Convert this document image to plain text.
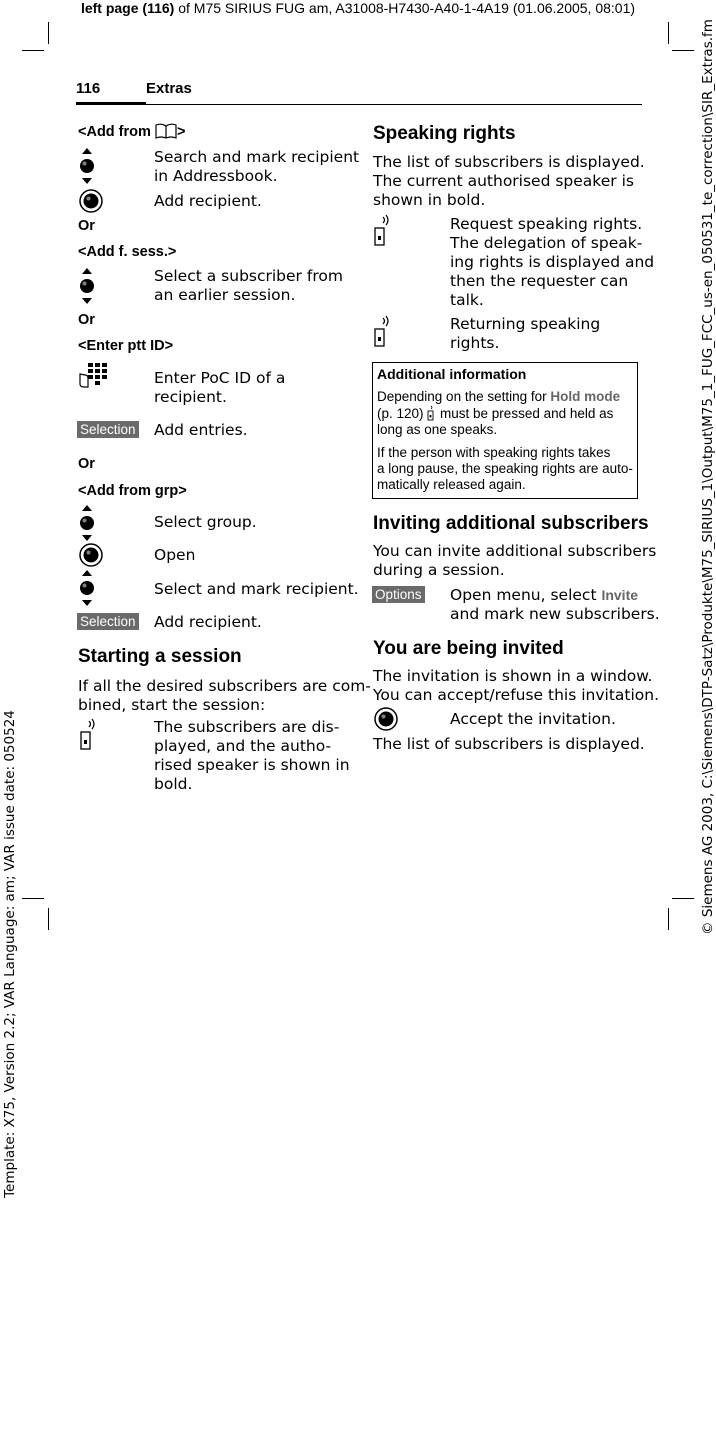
left page (116) of M75 SIRIUS FUG am, A31008-H7430-A40-1-4A19 (01.06.2005, 08:01)
Template: X75, Version 2.2; VAR Language: am; VAR issue date: 050524
© Siemens AG 2003, C:\Siemens\DTP-Satz\Produkte\M75_SIRIUS_1\Output\M75_1_FUG_FCC_us-en_050531_te_correction\SIR_Extras.fm
116	Extras
<Add from >
Search and mark recipient
in Addressbook.
Add recipient.
Or
<Add f. sess.>
Select a subscriber from
an earlier session.
Or
<Enter ptt ID>
Enter PoC ID of a
recipient.
Selection Add entries.
Or
<Add from grp>
Select group.
Open
Select and mark recipient.
Selection Add recipient.
Starting a session
If all the desired subscribers are com-
bined, start the session:
The subscribers are dis-
played, and the autho-
rised speaker is shown in
bold.
Speaking rights
The list of subscribers is displayed.
The current authorised speaker is
shown in bold.
Request speaking rights.
The delegation of speak-
ing rights is displayed and
then the requester can
talk.
Returning speaking
rights.
Additional information
Depending on the setting for Hold mode
(p. 120)
must be pressed and held as
long as one speaks.
If the person with speaking rights takes
a long pause, the speaking rights are auto-
matically released again.
Inviting additional subscribers
You can invite additional subscribers
during a session.
Options Open menu, select Invite
and mark new subscribers.
You are being invited
The invitation is shown in a window.
You can accept/refuse this invitation.
Accept the invitation.
The list of subscribers is displayed.
